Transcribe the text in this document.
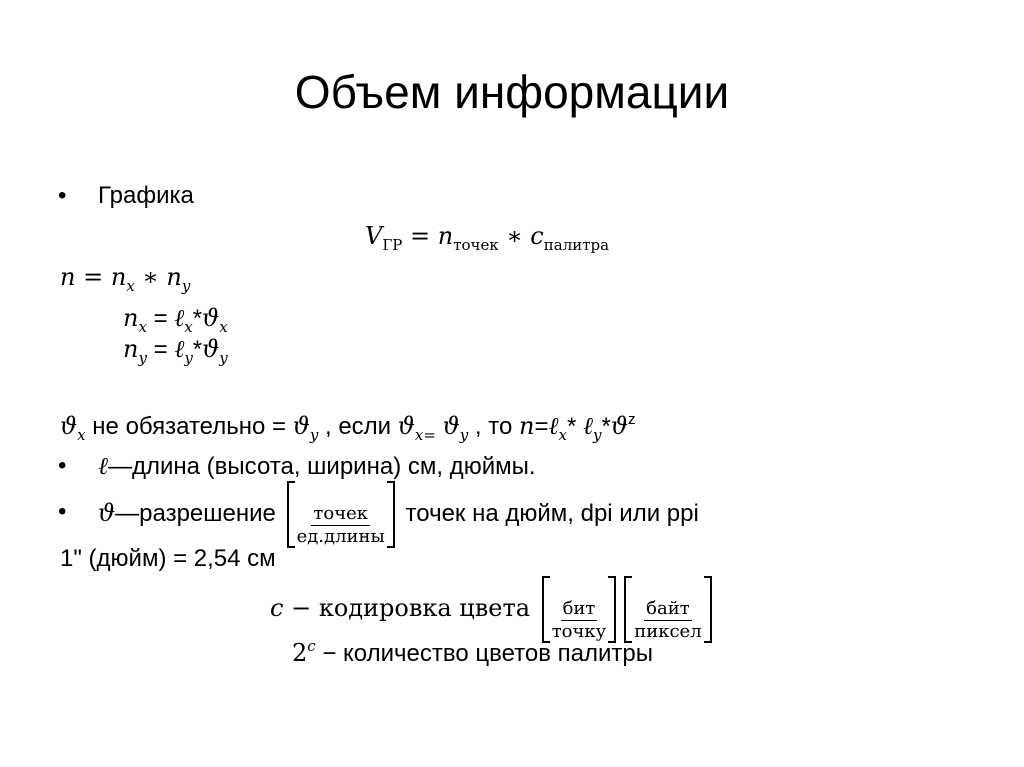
Объем информации
• Графика
$V_{ГР} = n_{точек}$ ∗ $c_{палитра}$
$n = n_x$ ∗ $n_y$
$n_x$ = $\ell_x*ϑ_x$
$n_y$ = $\ell_y*ϑ_y$
$ϑ_x$ не обязательно = $ϑ_y$ , если $ϑ_{x=}$ $ϑ_y$ , то n=ℓ$_x$* $\ell_y*ϑ^z$
• ℓ—длина (высота, ширина) см, дюймы.
• ϑ—разрешение $\frac{\text{точек}}{\text{ед.длины}}$ точек на дюйм, dpi или ppi
1" (дюйм) = 2,54 см
c − кодировка цвета $\frac{\text{бит}}{\text{точку}} \frac{\text{байт}}{\text{пиксел}}$
$2^c$ − количество цветов палитры
